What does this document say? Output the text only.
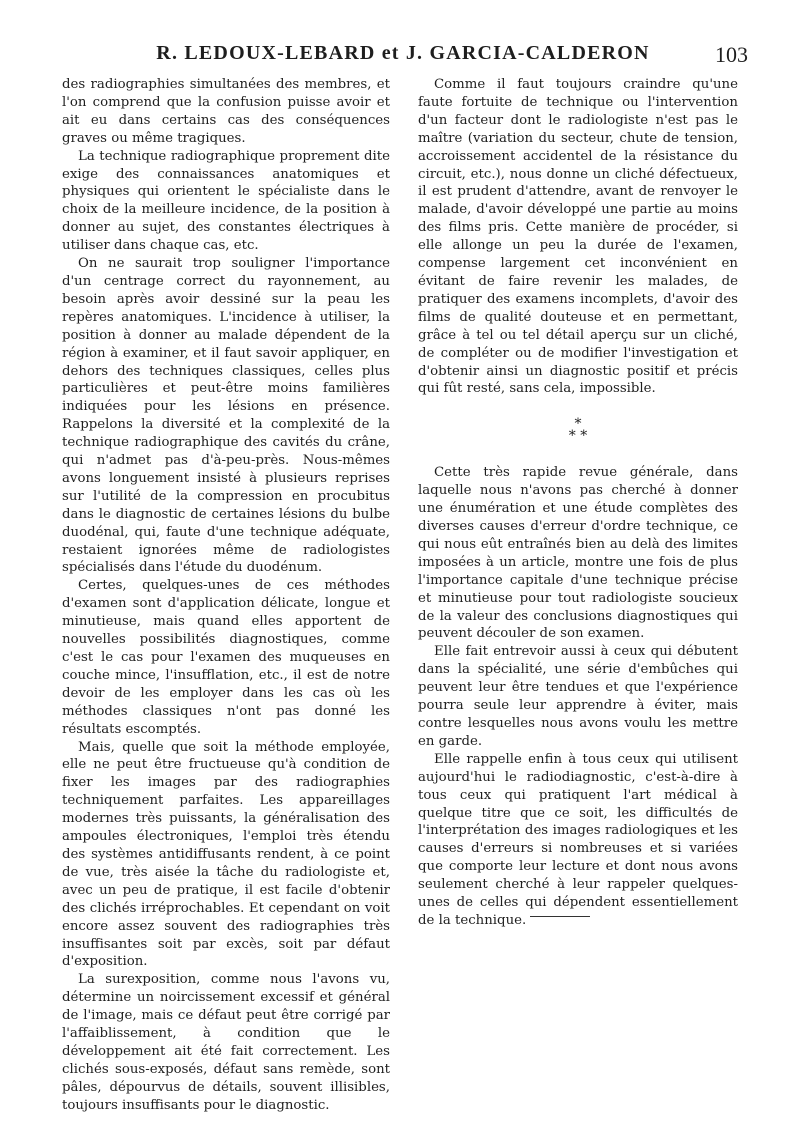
R. LEDOUX-LEBARD et J. GARCIA-CALDERON	103

des radiographies simultanées des membres, et l'on comprend que la confusion puisse avoir et ait eu dans certains cas des conséquences graves ou même tragiques.

La technique radiographique proprement dite exige des connaissances anatomiques et physiques qui orientent le spécialiste dans le choix de la meilleure incidence, de la position à donner au sujet, des constantes électriques à utiliser dans chaque cas, etc.

On ne saurait trop souligner l'importance d'un centrage correct du rayonnement, au besoin après avoir dessiné sur la peau les repères anatomiques. L'incidence à utiliser, la position à donner au malade dépendent de la région à examiner, et il faut savoir appliquer, en dehors des techniques classiques, celles plus particulières et peut-être moins familières indiquées pour les lésions en présence. Rappelons la diversité et la complexité de la technique radiographique des cavités du crâne, qui n'admet pas d'à-peu-près. Nous-mêmes avons longuement insisté à plusieurs reprises sur l'utilité de la compression en procubitus dans le diagnostic de certaines lésions du bulbe duodénal, qui, faute d'une technique adéquate, restaient ignorées même de radiologistes spécialisés dans l'étude du duodénum.

Certes, quelques-unes de ces méthodes d'examen sont d'application délicate, longue et minutieuse, mais quand elles apportent de nouvelles possibilités diagnostiques, comme c'est le cas pour l'examen des muqueuses en couche mince, l'insufflation, etc., il est de notre devoir de les employer dans les cas où les méthodes classiques n'ont pas donné les résultats escomptés.

Mais, quelle que soit la méthode employée, elle ne peut être fructueuse qu'à condition de fixer les images par des radiographies techniquement parfaites. Les appareillages modernes très puissants, la généralisation des ampoules électroniques, l'emploi très étendu des systèmes antidiffusants rendent, à ce point de vue, très aisée la tâche du radiologiste et, avec un peu de pratique, il est facile d'obtenir des clichés irréprochables. Et cependant on voit encore assez souvent des radiographies très insuffisantes soit par excès, soit par défaut d'exposition.

La surexposition, comme nous l'avons vu, détermine un noircissement excessif et général de l'image, mais ce défaut peut être corrigé par l'affaiblissement, à condition que le développement ait été fait correctement. Les clichés sous-exposés, défaut sans remède, sont pâles, dépourvus de détails, souvent illisibles, toujours insuffisants pour le diagnostic.

Comme il faut toujours craindre qu'une faute fortuite de technique ou l'intervention d'un facteur dont le radiologiste n'est pas le maître (variation du secteur, chute de tension, accroissement accidentel de la résistance du circuit, etc.), nous donne un cliché défectueux, il est prudent d'attendre, avant de renvoyer le malade, d'avoir développé une partie au moins des films pris. Cette manière de procéder, si elle allonge un peu la durée de l'examen, compense largement cet inconvénient en évitant de faire revenir les malades, de pratiquer des examens incomplets, d'avoir des films de qualité douteuse et en permettant, grâce à tel ou tel détail aperçu sur un cliché, de compléter ou de modifier l'investigation et d'obtenir ainsi un diagnostic positif et précis qui fût resté, sans cela, impossible.

*
* *

Cette très rapide revue générale, dans laquelle nous n'avons pas cherché à donner une énumération et une étude complètes des diverses causes d'erreur d'ordre technique, ce qui nous eût entraînés bien au delà des limites imposées à un article, montre une fois de plus l'importance capitale d'une technique précise et minutieuse pour tout radiologiste soucieux de la valeur des conclusions diagnostiques qui peuvent découler de son examen.

Elle fait entrevoir aussi à ceux qui débutent dans la spécialité, une série d'embûches qui peuvent leur être tendues et que l'expérience pourra seule leur apprendre à éviter, mais contre lesquelles nous avons voulu les mettre en garde.

Elle rappelle enfin à tous ceux qui utilisent aujourd'hui le radiodiagnostic, c'est-à-dire à tous ceux qui pratiquent l'art médical à quelque titre que ce soit, les difficultés de l'interprétation des images radiologiques et les causes d'erreurs si nombreuses et si variées que comporte leur lecture et dont nous avons seulement cherché à leur rappeler quelques-unes de celles qui dépendent essentiellement de la technique.
